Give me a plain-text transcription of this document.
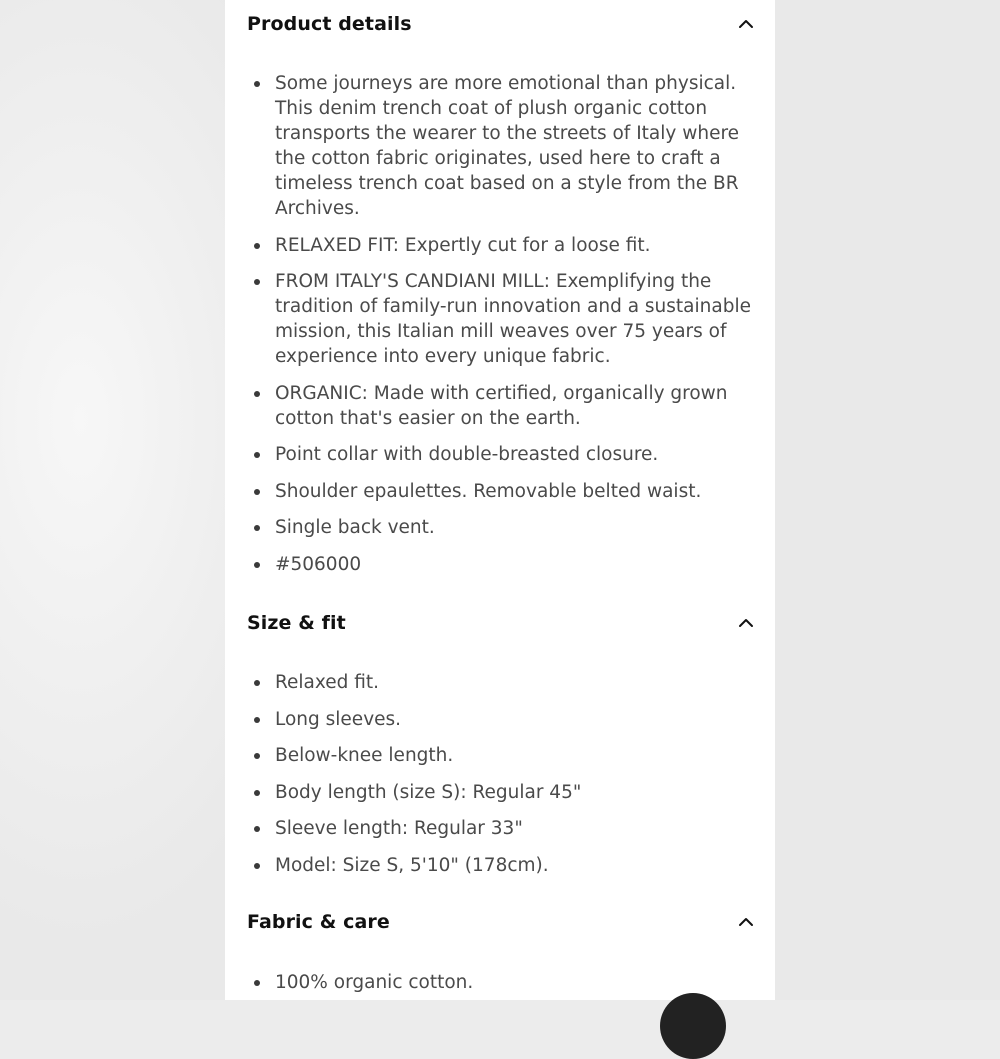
Product details
Some journeys are more emotional than physical. This denim trench coat of plush organic cotton transports the wearer to the streets of Italy where the cotton fabric originates, used here to craft a timeless trench coat based on a style from the BR Archives.
RELAXED FIT: Expertly cut for a loose fit.
FROM ITALY'S CANDIANI MILL: Exemplifying the tradition of family-run innovation and a sustainable mission, this Italian mill weaves over 75 years of experience into every unique fabric.
ORGANIC: Made with certified, organically grown cotton that's easier on the earth.
Point collar with double-breasted closure.
Shoulder epaulettes. Removable belted waist.
Single back vent.
#506000
Size & fit
Relaxed fit.
Long sleeves.
Below-knee length.
Body length (size S): Regular 45"
Sleeve length: Regular 33"
Model: Size S, 5'10" (178cm).
Fabric & care
100% organic cotton.
